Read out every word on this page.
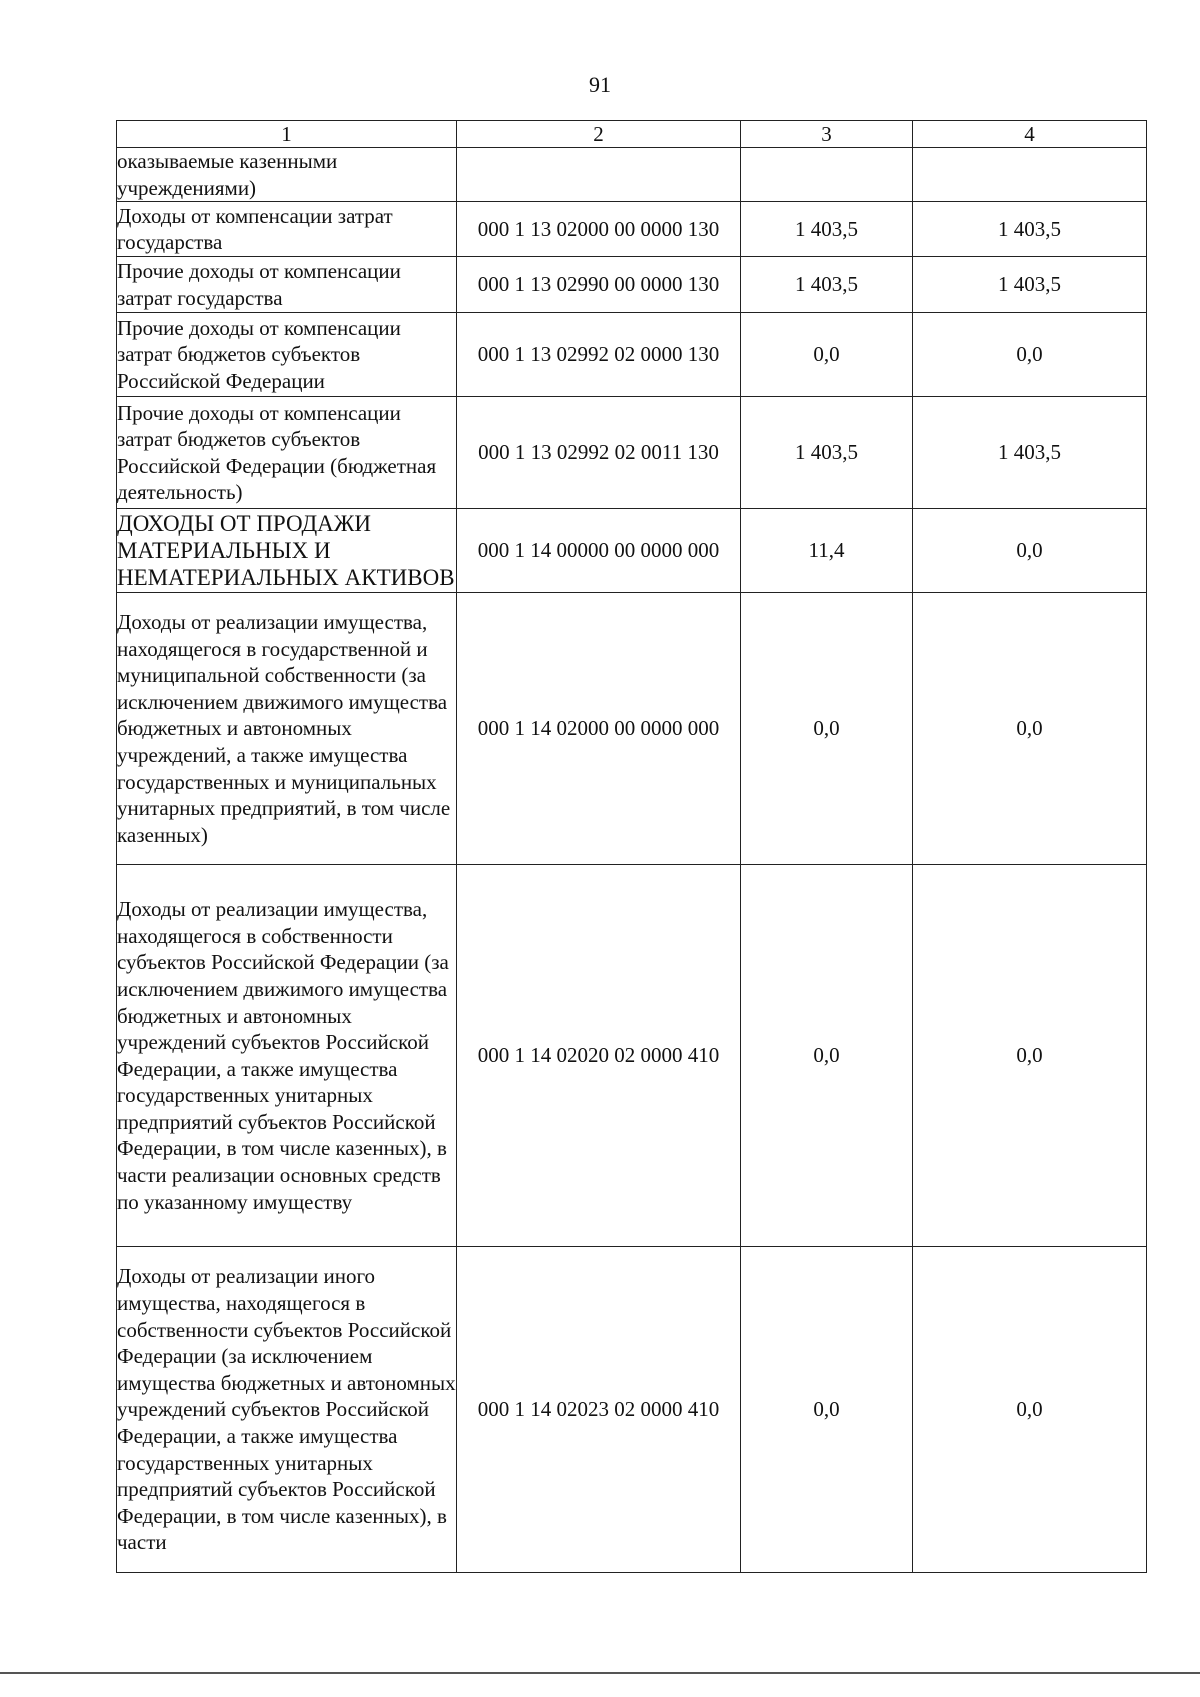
91
1	2	3	4
оказываемые казенными учреждениями)			
Доходы от компенсации затрат государства	000 1 13 02000 00 0000 130	1 403,5	1 403,5
Прочие доходы от компенсации затрат государства	000 1 13 02990 00 0000 130	1 403,5	1 403,5
Прочие доходы от компенсации затрат бюджетов субъектов Российской Федерации	000 1 13 02992 02 0000 130	0,0	0,0
Прочие доходы от компенсации затрат бюджетов субъектов Российской Федерации (бюджетная деятельность)	000 1 13 02992 02 0011 130	1 403,5	1 403,5
ДОХОДЫ ОТ ПРОДАЖИ МАТЕРИАЛЬНЫХ И НЕМАТЕРИАЛЬНЫХ АКТИВОВ	000 1 14 00000 00 0000 000	11,4	0,0
Доходы от реализации имущества, находящегося в государственной и муниципальной собственности (за исключением движимого имущества бюджетных и автономных учреждений, а также имущества государственных и муниципальных унитарных предприятий, в том числе казенных)	000 1 14 02000 00 0000 000	0,0	0,0
Доходы от реализации имущества, находящегося в собственности субъектов Российской Федерации (за исключением движимого имущества бюджетных и автономных учреждений субъектов Российской Федерации, а также имущества государственных унитарных предприятий субъектов Российской Федерации, в том числе казенных), в части реализации основных средств по указанному имуществу	000 1 14 02020 02 0000 410	0,0	0,0
Доходы от реализации иного имущества, находящегося в собственности субъектов Российской Федерации (за исключением имущества бюджетных и автономных учреждений субъектов Российской Федерации, а также имущества государственных унитарных предприятий субъектов Российской Федерации, в том числе казенных), в части	000 1 14 02023 02 0000 410	0,0	0,0
